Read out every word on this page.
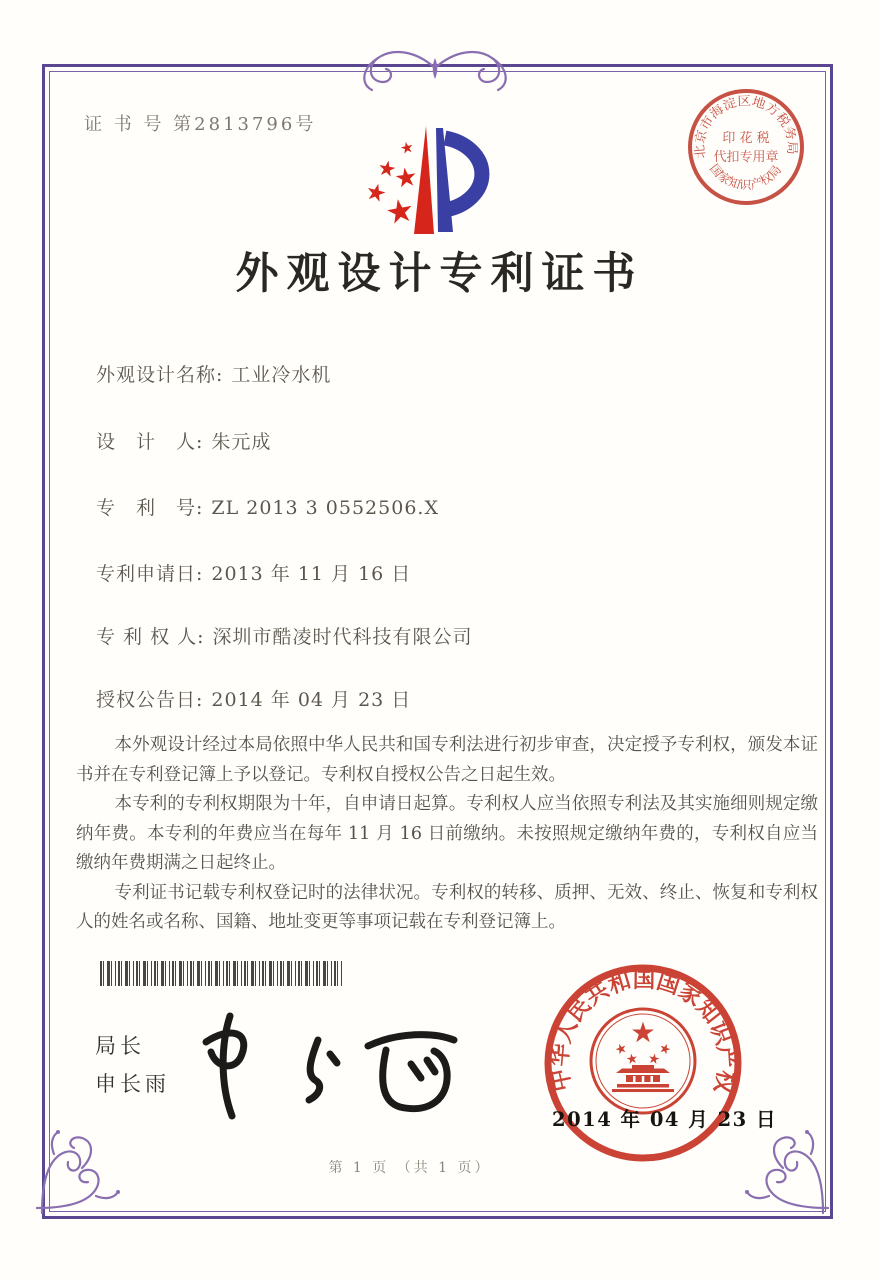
证 书 号 第2813796号
外观设计专利证书
外观设计名称: 工业冷水机
设　计　人: 朱元成
专　利　号: ZL 2013 3 0552506.X
专利申请日: 2013 年 11 月 16 日
专 利 权 人: 深圳市酷凌时代科技有限公司
授权公告日: 2014 年 04 月 23 日

本外观设计经过本局依照中华人民共和国专利法进行初步审查，决定授予专利权，颁发本证书并在专利登记簿上予以登记。专利权自授权公告之日起生效。

本专利的专利权期限为十年，自申请日起算。专利权人应当依照专利法及其实施细则规定缴纳年费。本专利的年费应当在每年 11 月 16 日前缴纳。未按照规定缴纳年费的，专利权自应当缴纳年费期满之日起终止。

专利证书记载专利权登记时的法律状况。专利权的转移、质押、无效、终止、恢复和专利权人的姓名或名称、国籍、地址变更等事项记载在专利登记簿上。

局长
申长雨	中华人民共和国国家知识产权局
2014 年 04 月 23 日
北京市海淀区地方税务局
国家知识产权局
印 花 税
代扣专用章
第 1 页 （共 1 页）
